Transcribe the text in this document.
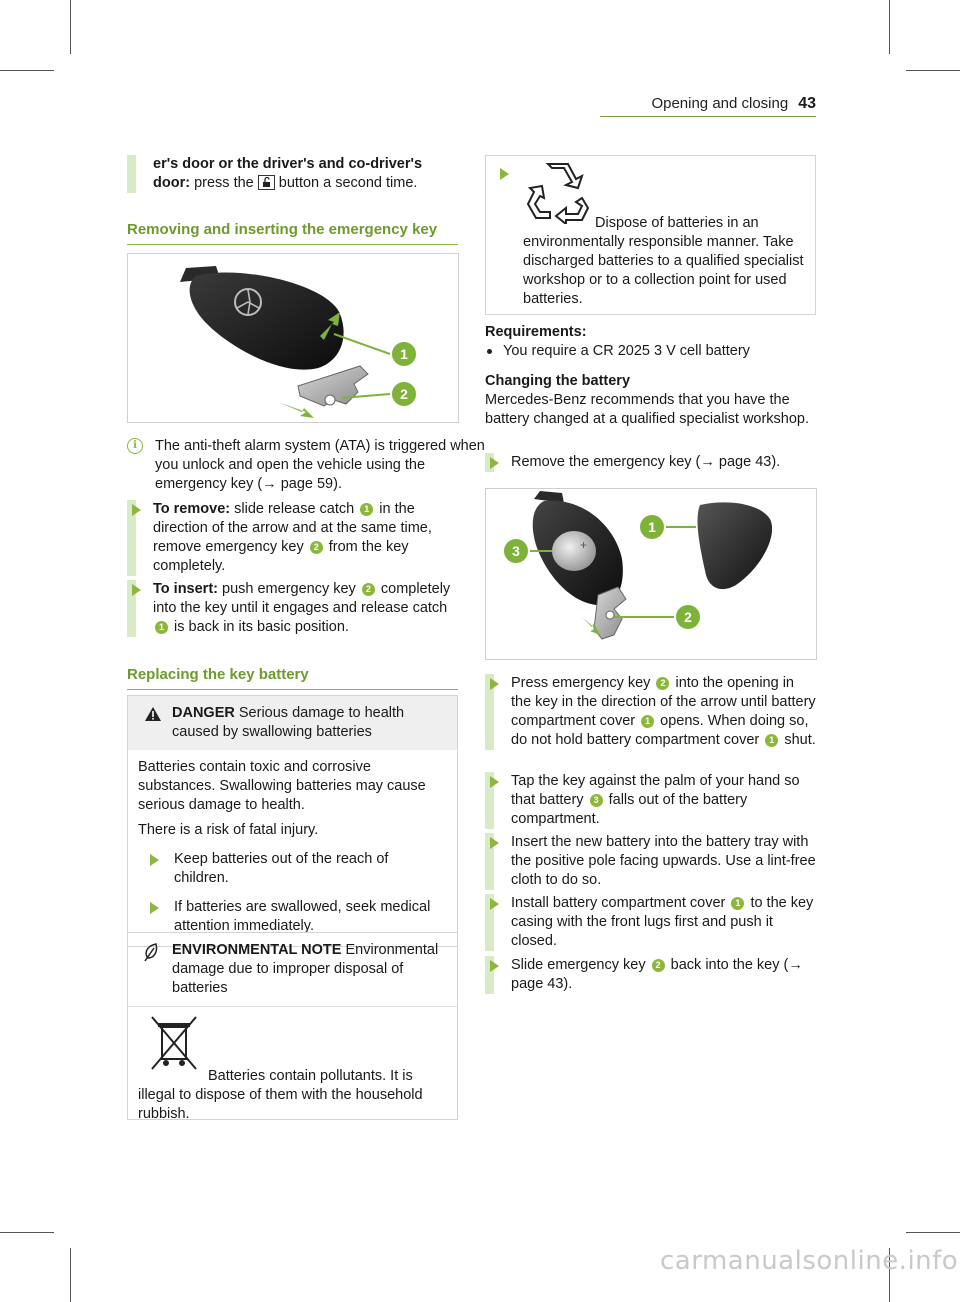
Opening and closing 43
er's door or the driver's and co-driver's door: press the button a second time.
Removing and inserting the emergency key
1
2
i	The anti-theft alarm system (ATA) is triggered when you unlock and open the vehicle using the emergency key (→ page 59).
To remove: slide release catch 1 in the direction of the arrow and at the same time, remove emergency key 2 from the key completely.
To insert: push emergency key 2 completely into the key until it engages and release catch 1 is back in its basic position.
Replacing the key battery
DANGER Serious damage to health caused by swallowing batteries
Batteries contain toxic and corrosive substances. Swallowing batteries may cause serious damage to health.
There is a risk of fatal injury.
Keep batteries out of the reach of children.
If batteries are swallowed, seek medical attention immediately.
ENVIRONMENTAL NOTE Environmental damage due to improper disposal of batteries
Batteries contain pollutants. It is illegal to dispose of them with the household rubbish.
Dispose of batteries in an environmentally responsible manner. Take discharged batteries to a qualified specialist workshop or to a collection point for used batteries.
Requirements:
You require a CR 2025 3 V cell battery
Changing the battery
Mercedes-Benz recommends that you have the battery changed at a qualified specialist workshop.
Remove the emergency key (→ page 43).
+
1
2
3
Press emergency key 2 into the opening in the key in the direction of the arrow until battery compartment cover 1 opens. When doing so, do not hold battery compartment cover 1 shut.
Tap the key against the palm of your hand so that battery 3 falls out of the battery compartment.
Insert the new battery into the battery tray with the positive pole facing upwards. Use a lint-free cloth to do so.
Install battery compartment cover 1 to the key casing with the front lugs first and push it closed.
Slide emergency key 2 back into the key (→ page 43).
carmanualsonline.info
